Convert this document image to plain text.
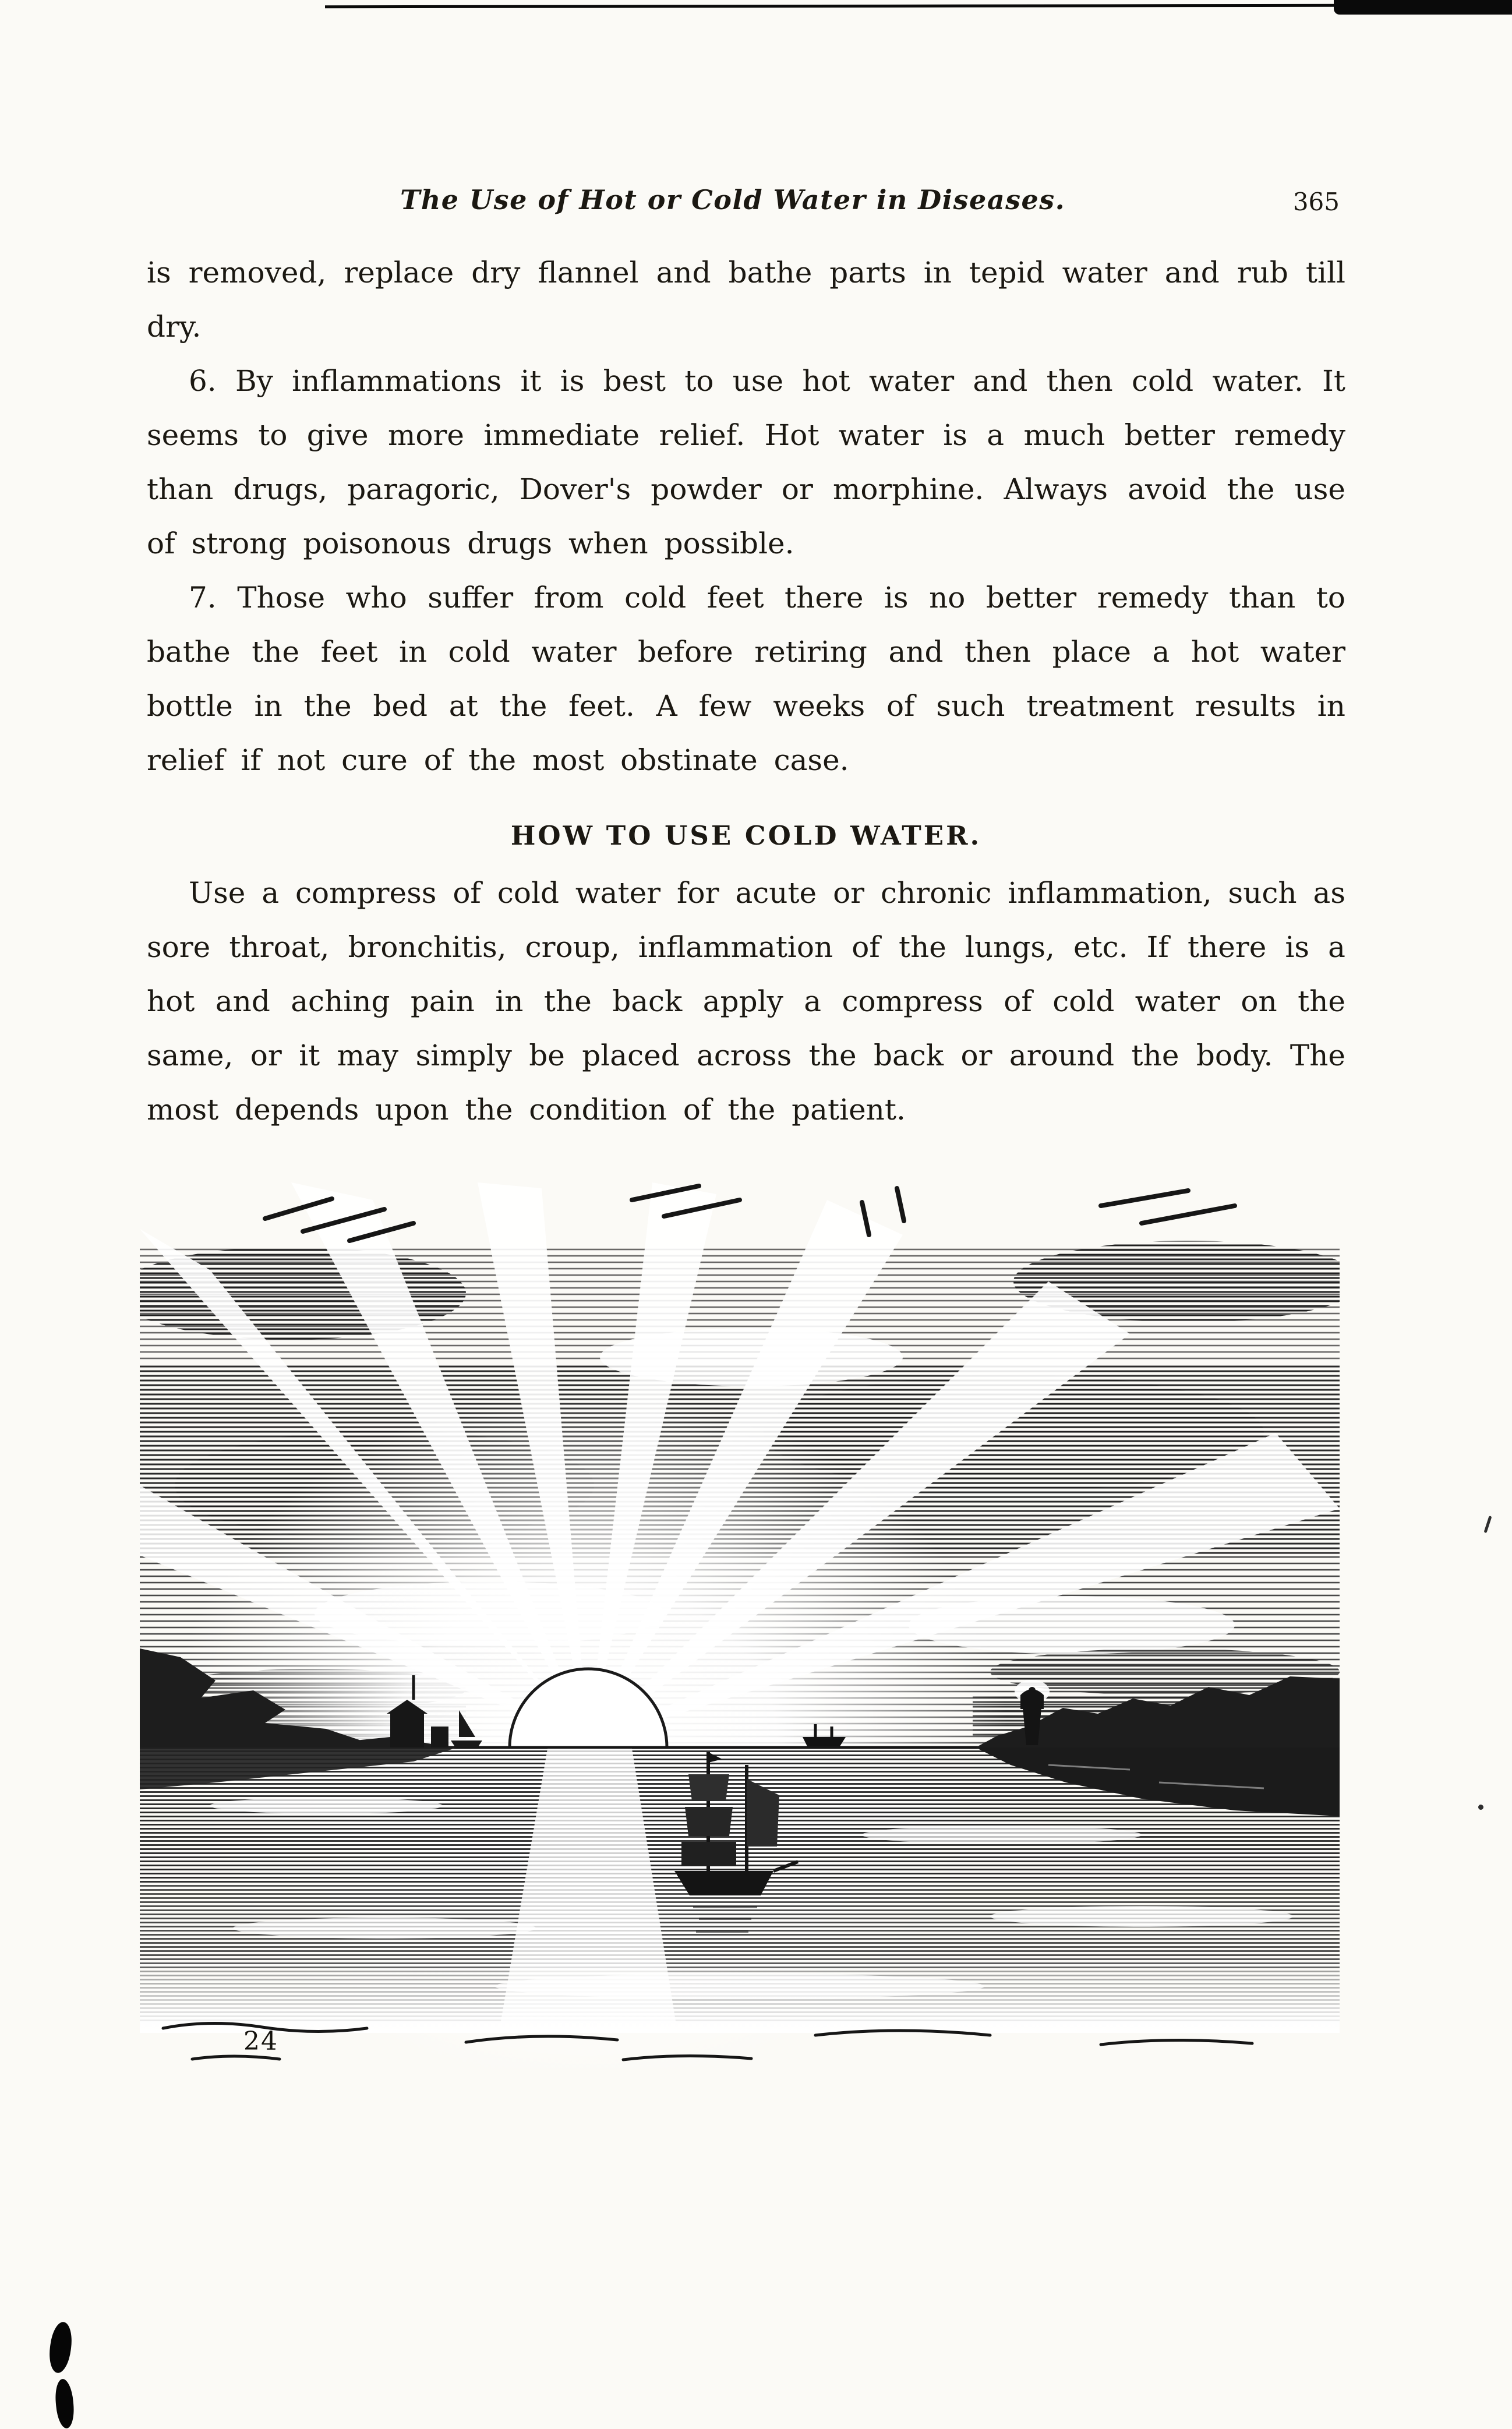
The Use of Hot or Cold Water in Diseases.	365

is removed, replace dry flannel and bathe parts in tepid water and rub till dry.

6. By inflammations it is best to use hot water and then cold water. It seems to give more immediate relief. Hot water is a much better remedy than drugs, paragoric, Dover's powder or morphine. Always avoid the use of strong poisonous drugs when possible.

7. Those who suffer from cold feet there is no better remedy than to bathe the feet in cold water before retiring and then place a hot water bottle in the bed at the feet. A few weeks of such treatment results in relief if not cure of the most obstinate case.

HOW TO USE COLD WATER.

Use a compress of cold water for acute or chronic inflammation, such as sore throat, bronchitis, croup, inflammation of the lungs, etc. If there is a hot and aching pain in the back apply a compress of cold water on the same, or it may simply be placed across the back or around the body. The most depends upon the condition of the patient.

24
